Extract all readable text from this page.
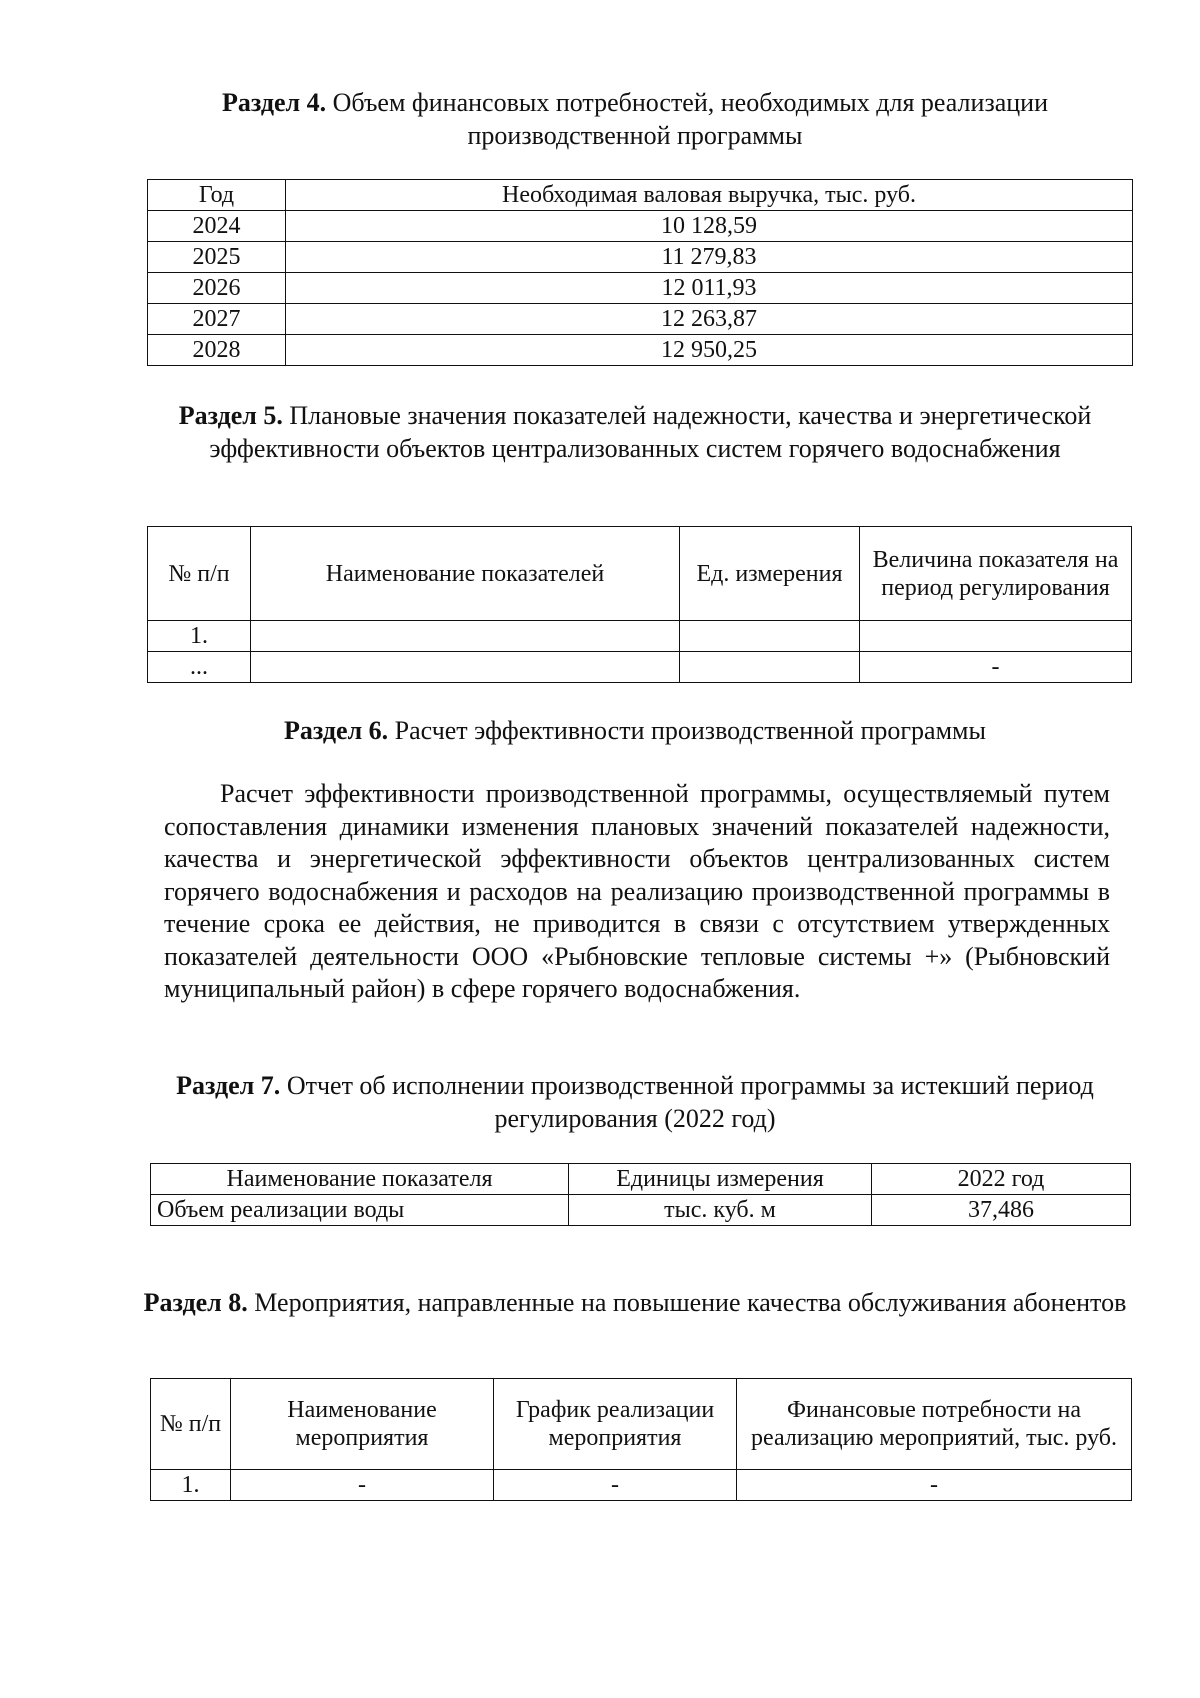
Раздел 4. Объем финансовых потребностей, необходимых для реализации производственной программы
Год	Необходимая валовая выручка, тыс. руб.
2024	10 128,59
2025	11 279,83
2026	12 011,93
2027	12 263,87
2028	12 950,25
Раздел 5. Плановые значения показателей надежности, качества и энергетической эффективности объектов централизованных систем горячего водоснабжения
№ п/п	Наименование показателей	Ед. измерения	Величина показателя на период регулирования
1.			
...			-
Раздел 6. Расчет эффективности производственной программы
Расчет эффективности производственной программы, осуществляемый путем сопоставления динамики изменения плановых значений показателей надежности, качества и энергетической эффективности объектов централизованных систем горячего водоснабжения и расходов на реализацию производственной программы в течение срока ее действия, не приводится в связи с отсутствием утвержденных показателей деятельности ООО «Рыбновские тепловые системы +» (Рыбновский муниципальный район) в сфере горячего водоснабжения.
Раздел 7. Отчет об исполнении производственной программы за истекший период регулирования (2022 год)
Наименование показателя	Единицы измерения	2022 год
Объем реализации воды	тыс. куб. м	37,486
Раздел 8. Мероприятия, направленные на повышение качества обслуживания абонентов
№ п/п	Наименование мероприятия	График реализации мероприятия	Финансовые потребности на реализацию мероприятий, тыс. руб.
1.	-	-	-
